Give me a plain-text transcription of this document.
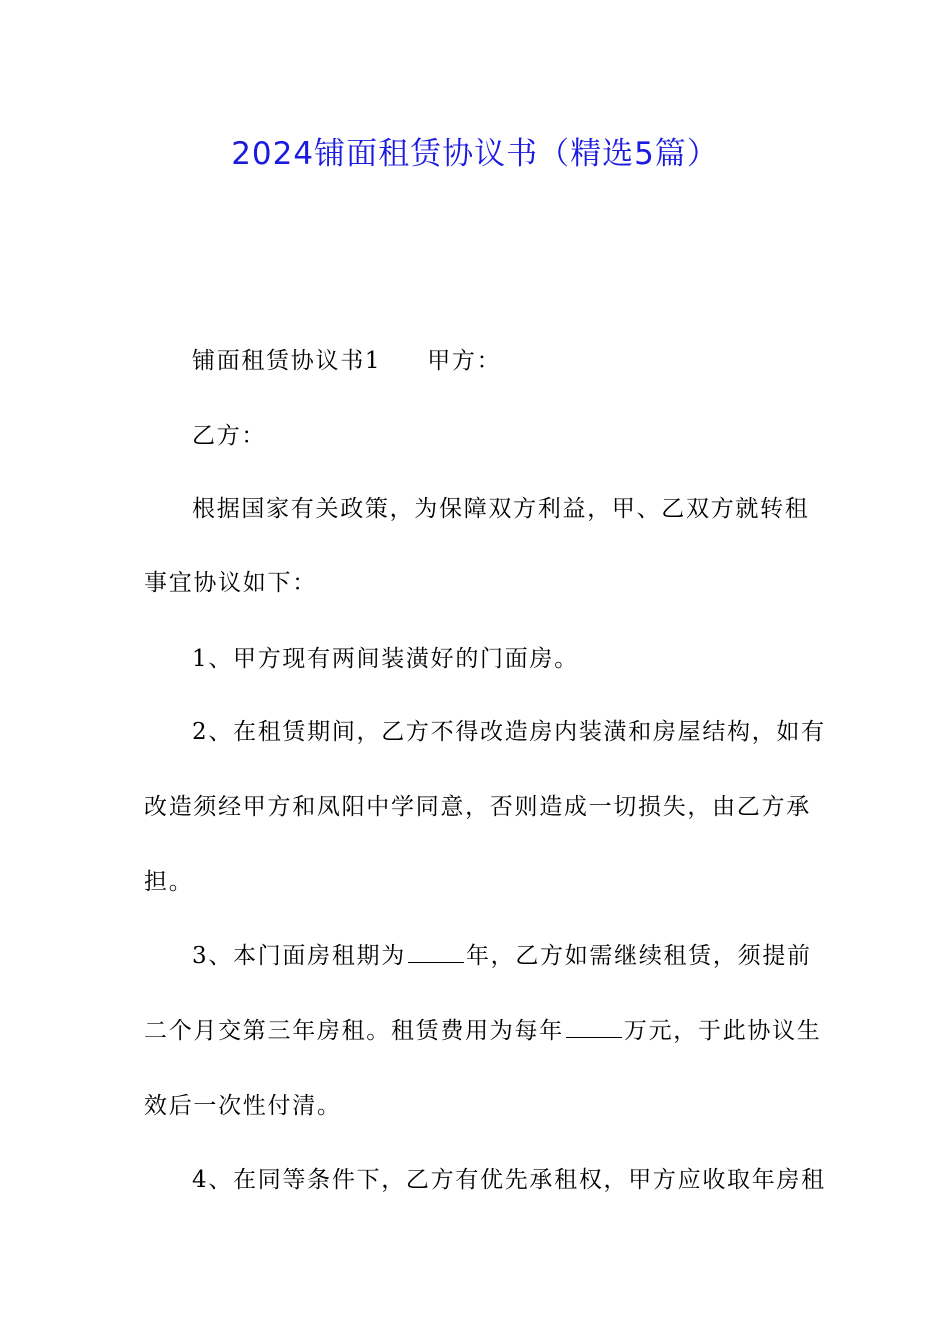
2024铺面租赁协议书（精选5篇）
铺面租赁协议书1 甲方：
乙方：
根据国家有关政策，为保障双方利益，甲、乙双方就转租
事宜协议如下：
1、甲方现有两间装潢好的门面房。
2、在租赁期间，乙方不得改造房内装潢和房屋结构，如有
改造须经甲方和凤阳中学同意，否则造成一切损失，由乙方承
担。
3、本门面房租期为	年，乙方如需继续租赁，须提前
二个月交第三年房租。租赁费用为每年	万元，于此协议生
效后一次性付清。
4、在同等条件下，乙方有优先承租权，甲方应收取年房租
